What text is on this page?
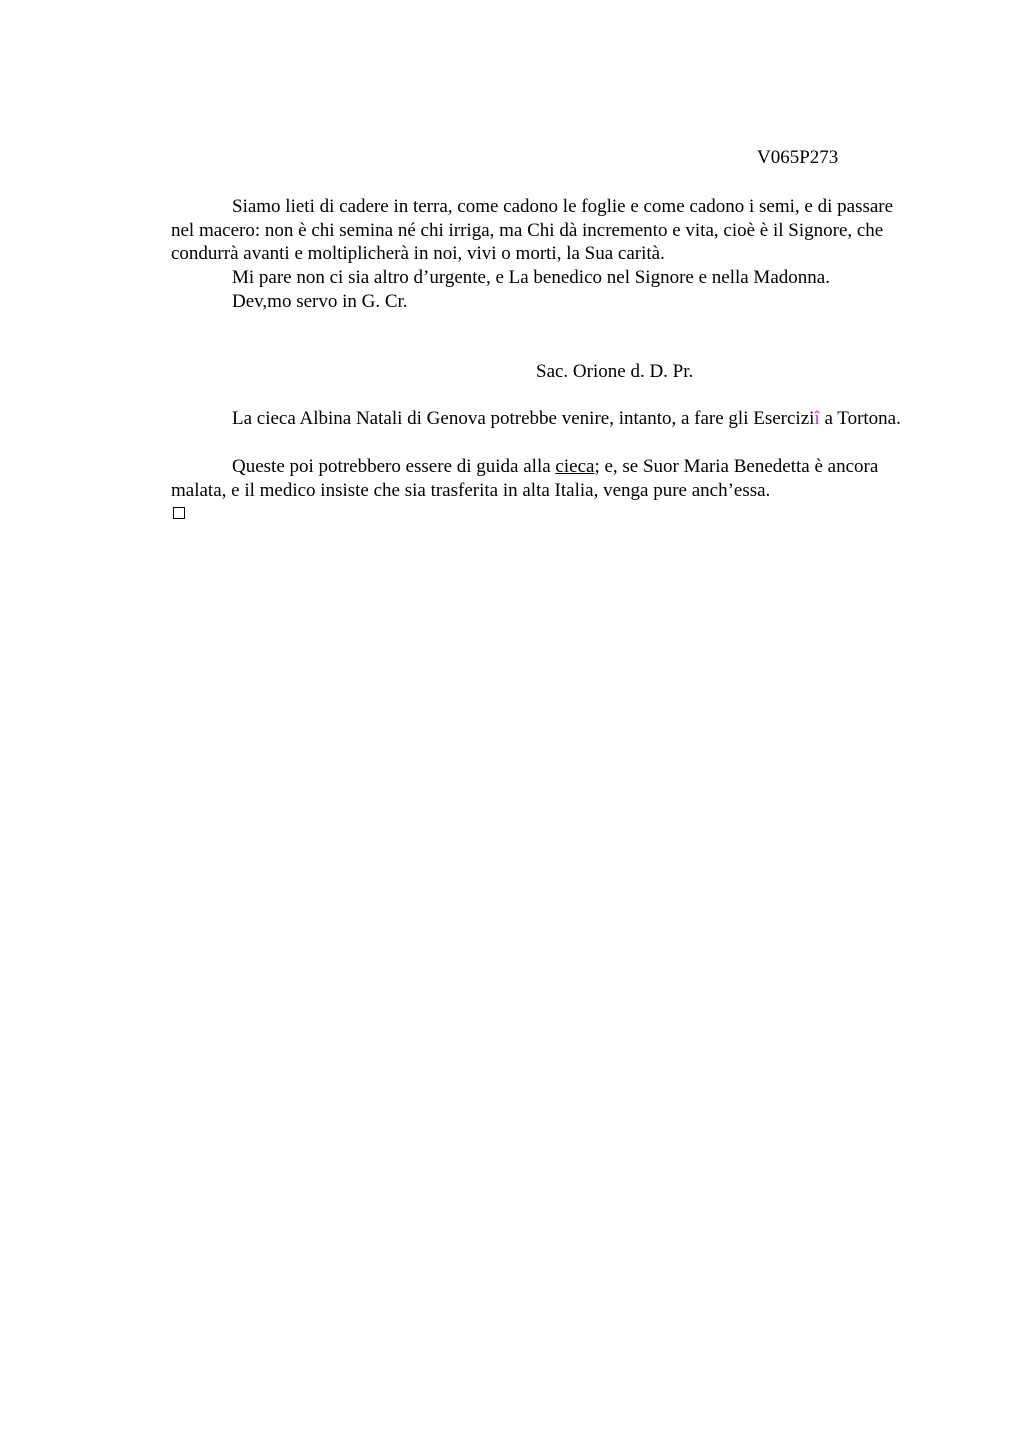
V065P273

Siamo lieti di cadere in terra, come cadono le foglie e come cadono i semi, e di passare nel macero: non è chi semina né chi irriga, ma Chi dà incremento e vita, cioè è il Signore, che condurrà avanti e moltiplicherà in noi, vivi o morti, la Sua carità.

Mi pare non ci sia altro d’urgente, e La benedico nel Signore e nella Madonna.

Dev,mo servo in G. Cr.

Sac. Orione d. D. Pr.

La cieca Albina Natali di Genova potrebbe venire, intanto, a fare gli Eserciziî a Tortona.

Queste poi potrebbero essere di guida alla cieca; e, se Suor Maria Benedetta è ancora malata, e il medico insiste che sia trasferita in alta Italia, venga pure anch’essa.
